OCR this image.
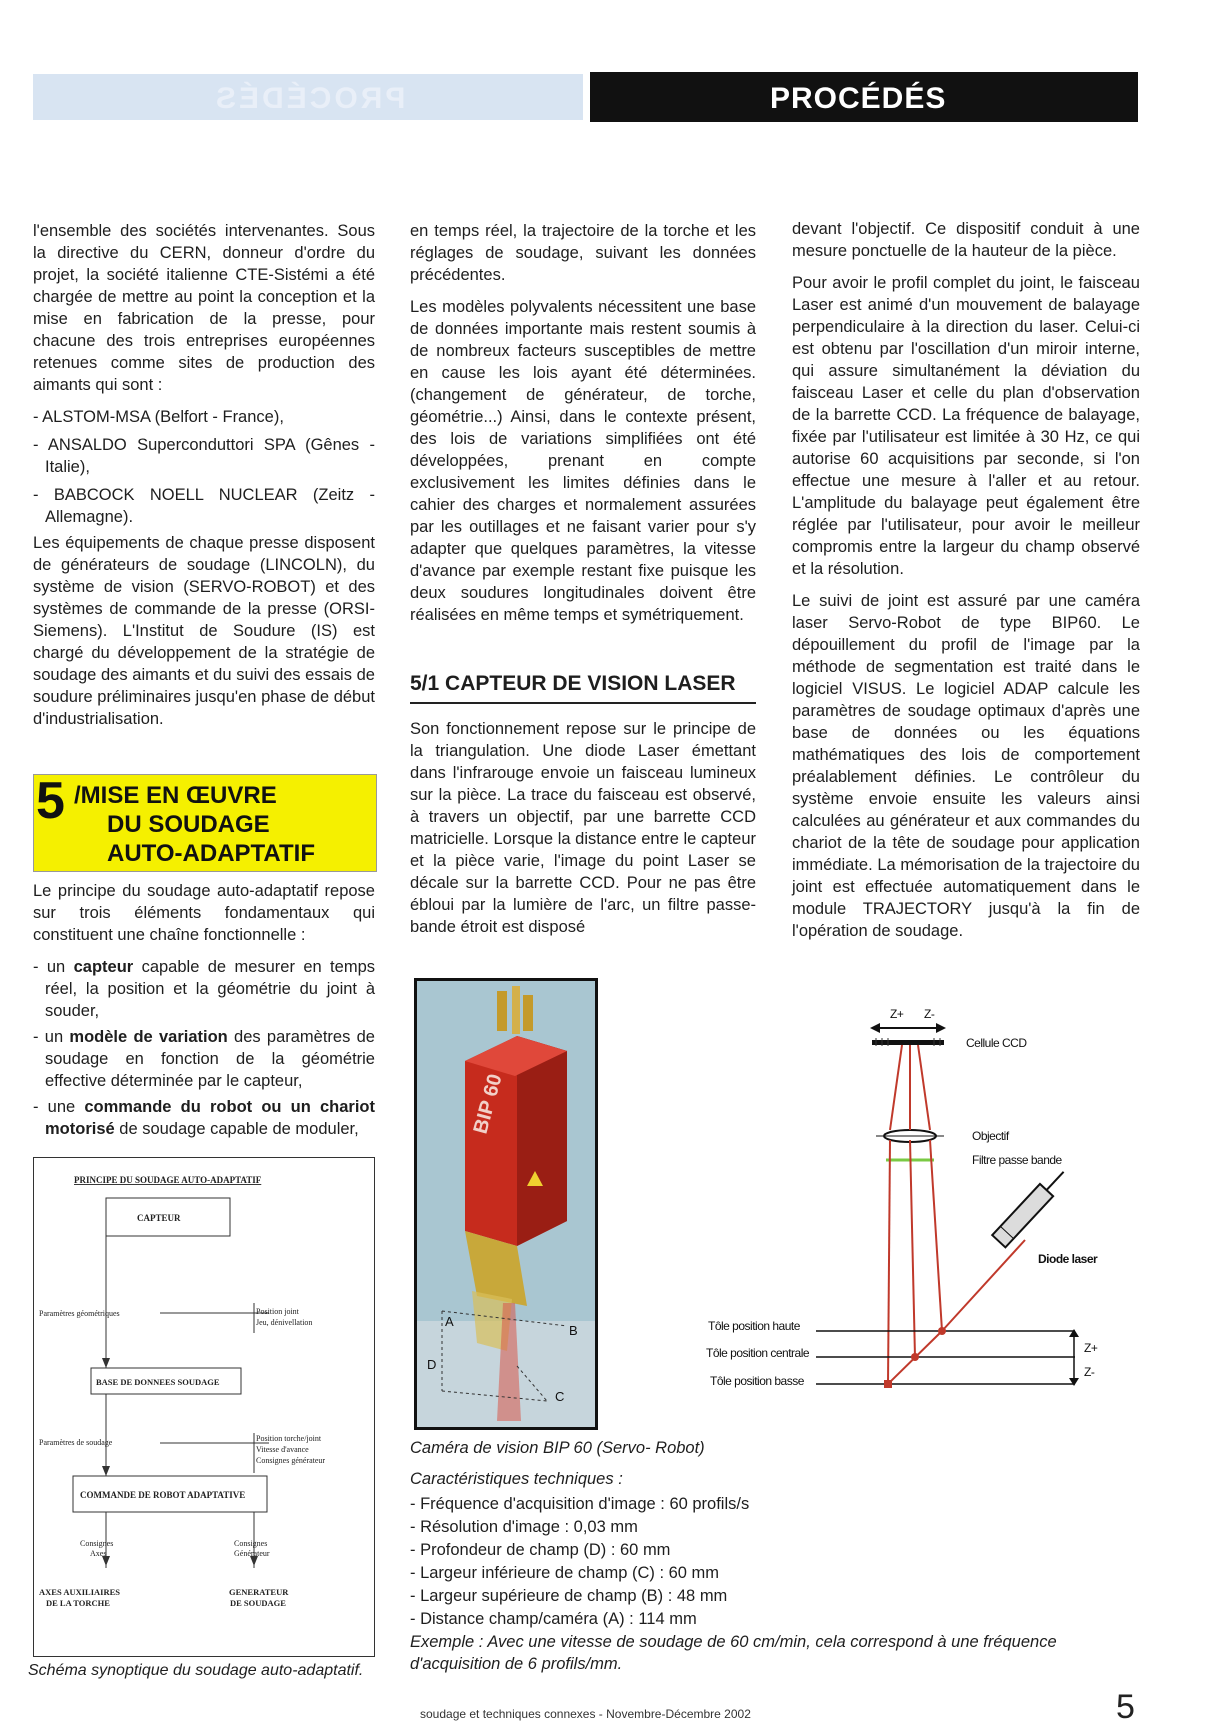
PROCÉDÉS	PROCÉDÉS

l'ensemble des sociétés intervenantes. Sous la directive du CERN, donneur d'ordre du projet, la société italienne CTE-Sistémi a été chargée de mettre au point la conception et la mise en fabrication de la presse, pour chacune des trois entreprises européennes retenues comme sites de production des aimants qui sont :

- ALSTOM-MSA (Belfort - France),

- ANSALDO Superconduttori SPA (Gênes - Italie),

- BABCOCK NOELL NUCLEAR (Zeitz - Allemagne).

Les équipements de chaque presse disposent de générateurs de soudage (LINCOLN), du système de vision (SERVO-ROBOT) et des systèmes de commande de la presse (ORSI-Siemens). L'Institut de Soudure (IS) est chargé du développement de la stratégie de soudage des aimants et du suivi des essais de soudure préliminaires jusqu'en phase de début d'industrialisation.

5 /MISE EN ŒUVRE
DU SOUDAGE
AUTO-ADAPTATIF

Le principe du soudage auto-adaptatif repose sur trois éléments fondamentaux qui constituent une chaîne fonctionnelle :

- un capteur capable de mesurer en temps réel, la position et la géométrie du joint à souder,

- un modèle de variation des paramètres de soudage en fonction de la géométrie effective déterminée par le capteur,

- une commande du robot ou un chariot motorisé de soudage capable de moduler,

en temps réel, la trajectoire de la torche et les réglages de soudage, suivant les données précédentes.

Les modèles polyvalents nécessitent une base de données importante mais restent soumis à de nombreux facteurs susceptibles de mettre en cause les lois ayant été déterminées. (changement de générateur, de torche, géométrie...) Ainsi, dans le contexte présent, des lois de variations simplifiées ont été développées, prenant en compte exclusivement les limites définies dans le cahier des charges et normalement assurées par les outillages et ne faisant varier pour s'y adapter que quelques paramètres, la vitesse d'avance par exemple restant fixe puisque les deux soudures longitudinales doivent être réalisées en même temps et symétriquement.

5/1 CAPTEUR DE VISION LASER

Son fonctionnement repose sur le principe de la triangulation. Une diode Laser émettant dans l'infrarouge envoie un faisceau lumineux sur la pièce. La trace du faisceau est observé, à travers un objectif, par une barrette CCD matricielle. Lorsque la distance entre le capteur et la pièce varie, l'image du point Laser se décale sur la barrette CCD. Pour ne pas être ébloui par la lumière de l'arc, un filtre passe-bande étroit est disposé

devant l'objectif. Ce dispositif conduit à une mesure ponctuelle de la hauteur de la pièce.

Pour avoir le profil complet du joint, le faisceau Laser est animé d'un mouvement de balayage perpendiculaire à la direction du laser. Celui-ci est obtenu par l'oscillation d'un miroir interne, qui assure simultanément la déviation du faisceau Laser et celle du plan d'observation de la barrette CCD. La fréquence de balayage, fixée par l'utilisateur est limitée à 30 Hz, ce qui autorise 60 acquisitions par seconde, si l'on effectue une mesure à l'aller et au retour. L'amplitude du balayage peut également être réglée par l'utilisateur, pour avoir le meilleur compromis entre la largeur du champ observé et la résolution.

Le suivi de joint est assuré par une caméra laser Servo-Robot de type BIP60. Le dépouillement du profil de l'image par la méthode de segmentation est traité dans le logiciel VISUS. Le logiciel ADAP calcule les paramètres de soudage optimaux d'après une base de données ou les équations mathématiques des lois de comportement préalablement définies. Le contrôleur du système envoie ensuite les valeurs ainsi calculées au générateur et aux commandes du chariot de la tête de soudage pour application immédiate. La mémorisation de la trajectoire du joint est effectuée automatiquement dans le module TRAJECTORY jusqu'à la fin de l'opération de soudage.

PRINCIPE DU SOUDAGE AUTO-ADAPTATIF
CAPTEUR
Paramètres géométriques	Position joint
Jeu, dénivellation
BASE DE DONNEES SOUDAGE
Paramètres de soudage	Position torche/joint
Vitesse d'avance
Consignes générateur
COMMANDE DE ROBOT ADAPTATIVE
Consignes
Axes
Consignes
Générateur
AXES AUXILIAIRES
DE LA TORCHE
GENERATEUR
DE SOUDAGE
Schéma synoptique du soudage auto-adaptatif.
BIP 60
A
B
C
D
Z+ Z-
Cellule CCD
Objectif
Filtre passe bande
Diode laser
Tôle position haute
Tôle position centrale
Tôle position basse
Z+
Z-
Caméra de vision BIP 60 (Servo- Robot)
Caractéristiques techniques :
- Fréquence d'acquisition d'image : 60 profils/s
- Résolution d'image : 0,03 mm
- Profondeur de champ (D) : 60 mm
- Largeur inférieure de champ (C) : 60 mm
- Largeur supérieure de champ (B) : 48 mm
- Distance champ/caméra (A) : 114 mm
Exemple : Avec une vitesse de soudage de 60 cm/min, cela correspond à une fréquence d'acquisition de 6 profils/mm.
soudage et techniques connexes - Novembre-Décembre 2002	5
